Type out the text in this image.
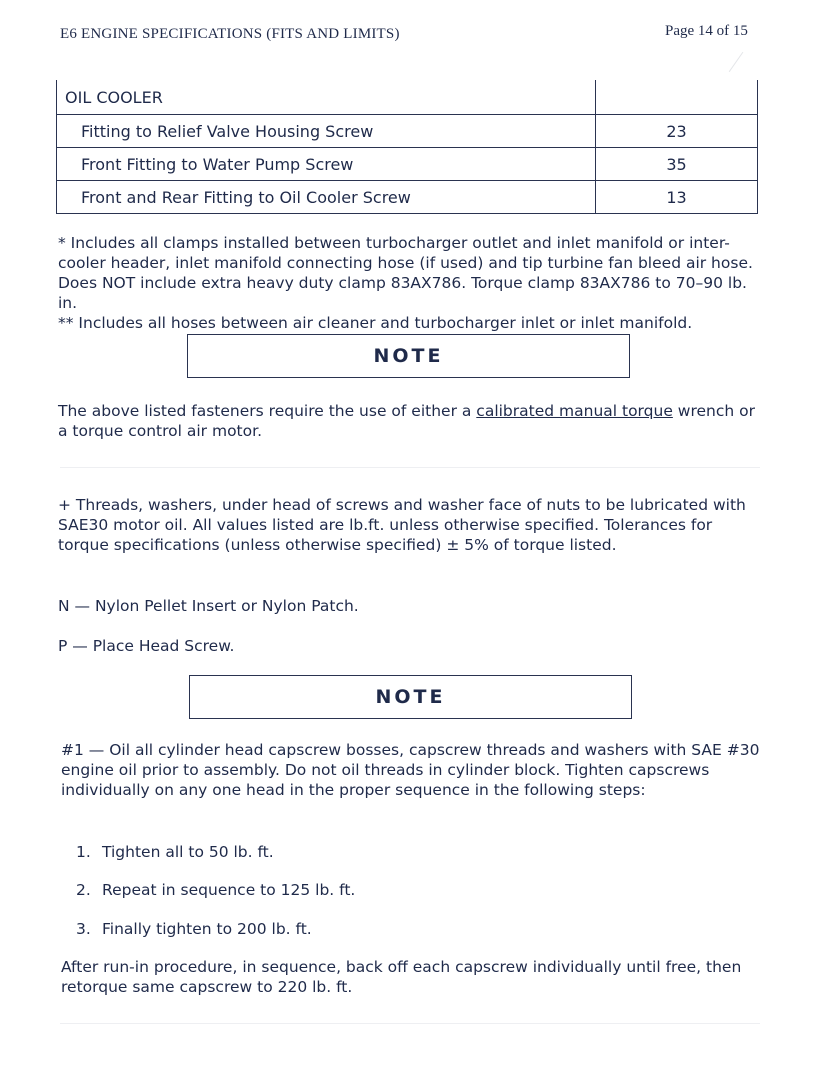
E6 ENGINE SPECIFICATIONS (FITS AND LIMITS)	Page 14 of 15
OIL COOLER	
Fitting to Relief Valve Housing Screw	23
Front Fitting to Water Pump Screw	35
Front and Rear Fitting to Oil Cooler Screw	13

* Includes all clamps installed between turbocharger outlet and inlet manifold or inter-cooler header, inlet manifold connecting hose (if used) and tip turbine fan bleed air hose. Does NOT include extra heavy duty clamp 83AX786. Torque clamp 83AX786 to 70–90 lb. in.

** Includes all hoses between air cleaner and turbocharger inlet or inlet manifold.

NOTE

The above listed fasteners require the use of either a calibrated manual torque wrench or a torque control air motor.

+ Threads, washers, under head of screws and washer face of nuts to be lubricated with SAE30 motor oil. All values listed are lb.ft. unless otherwise specified. Tolerances for torque specifications (unless otherwise specified) ± 5% of torque listed.

N — Nylon Pellet Insert or Nylon Patch.

P — Place Head Screw.

NOTE

#1 — Oil all cylinder head capscrew bosses, capscrew threads and washers with SAE #30 engine oil prior to assembly. Do not oil threads in cylinder block. Tighten capscrews individually on any one head in the proper sequence in the following steps:

1. Tighten all to 50 lb. ft.
2. Repeat in sequence to 125 lb. ft.
3. Finally tighten to 200 lb. ft.

After run-in procedure, in sequence, back off each capscrew individually until free, then retorque same capscrew to 220 lb. ft.
